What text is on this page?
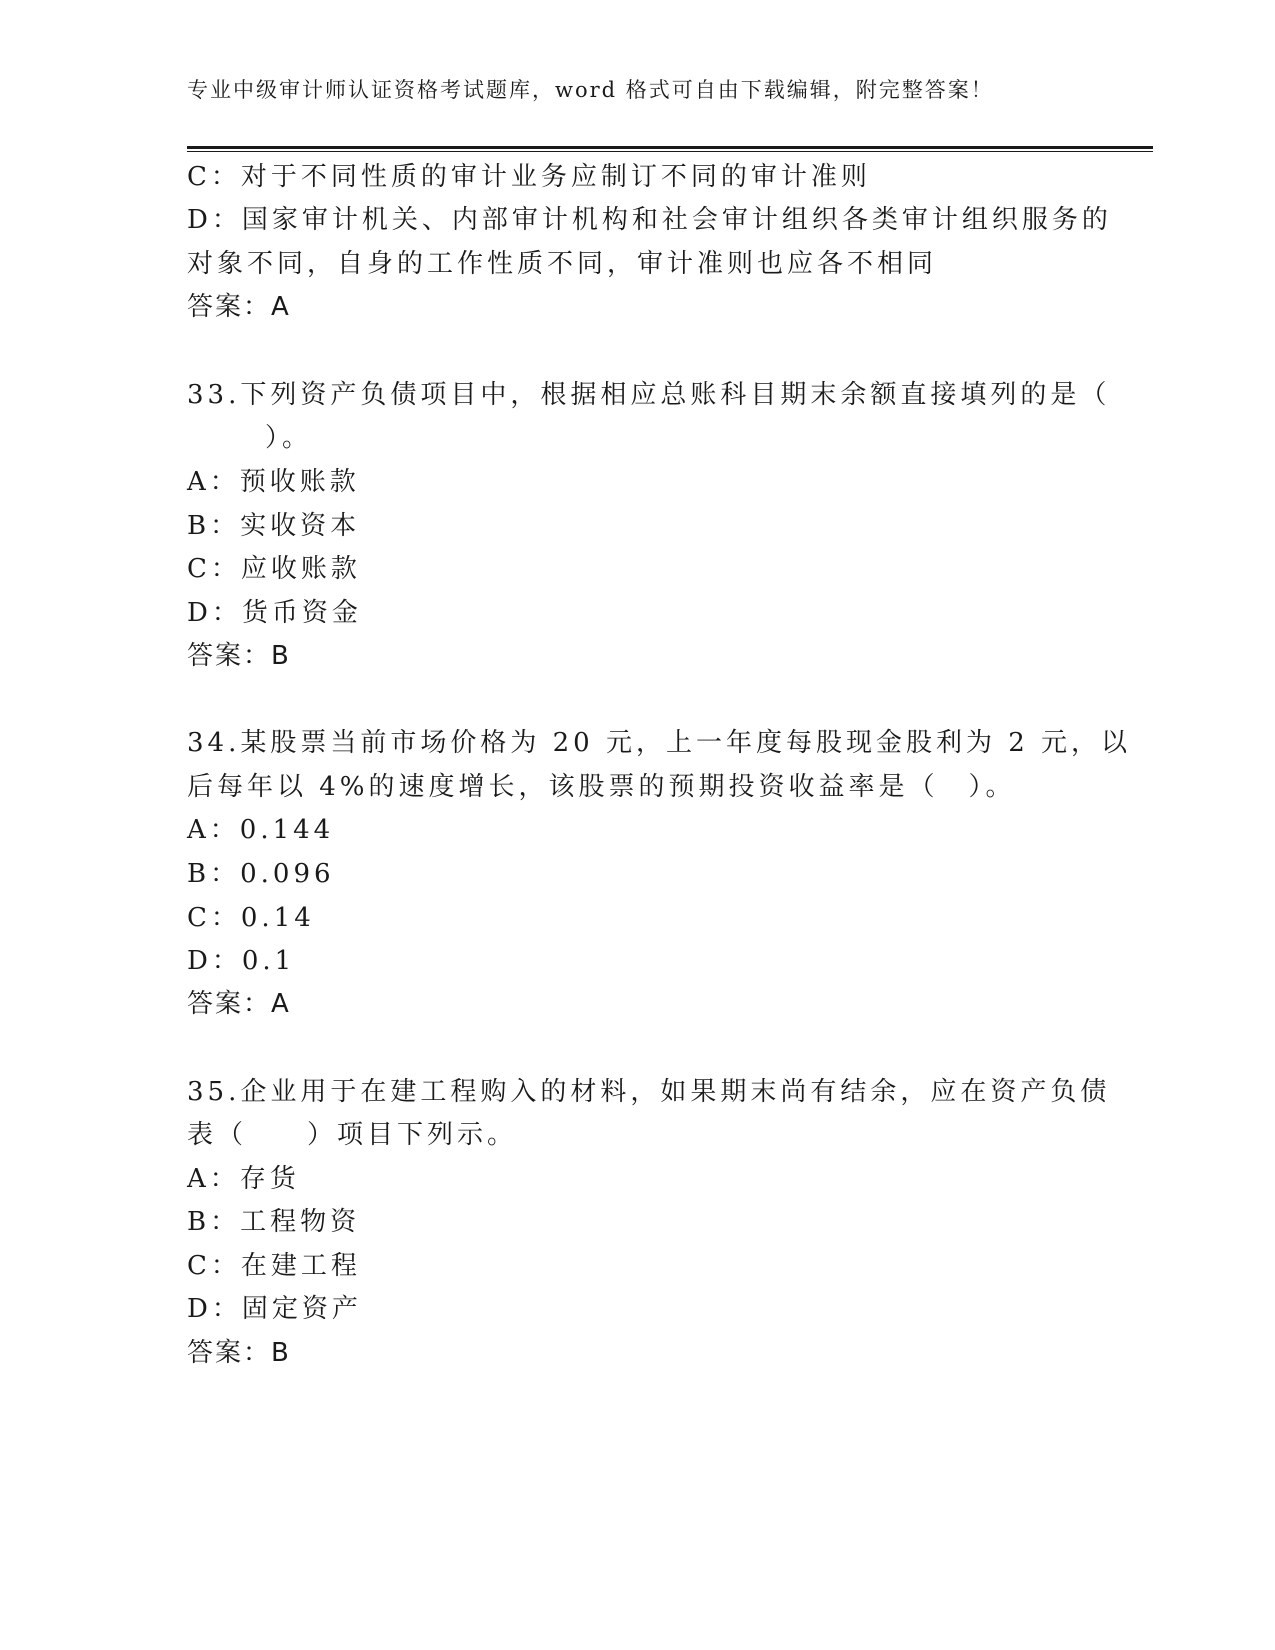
专业中级审计师认证资格考试题库，word 格式可自由下载编辑，附完整答案！
C：对于不同性质的审计业务应制订不同的审计准则
D：国家审计机关、内部审计机构和社会审计组织各类审计组织服务的
对象不同，自身的工作性质不同，审计准则也应各不相同
答案：A
33.下列资产负债项目中，根据相应总账科目期末余额直接填列的是（
）。
A：预收账款
B：实收资本
C：应收账款
D：货币资金
答案：B
34.某股票当前市场价格为 20 元，上一年度每股现金股利为 2 元，以
后每年以 4%的速度增长，该股票的预期投资收益率是（　）。
A：0.144
B：0.096
C：0.14
D：0.1
答案：A
35.企业用于在建工程购入的材料，如果期末尚有结余，应在资产负债
表（　　）项目下列示。
A：存货
B：工程物资
C：在建工程
D：固定资产
答案：B
